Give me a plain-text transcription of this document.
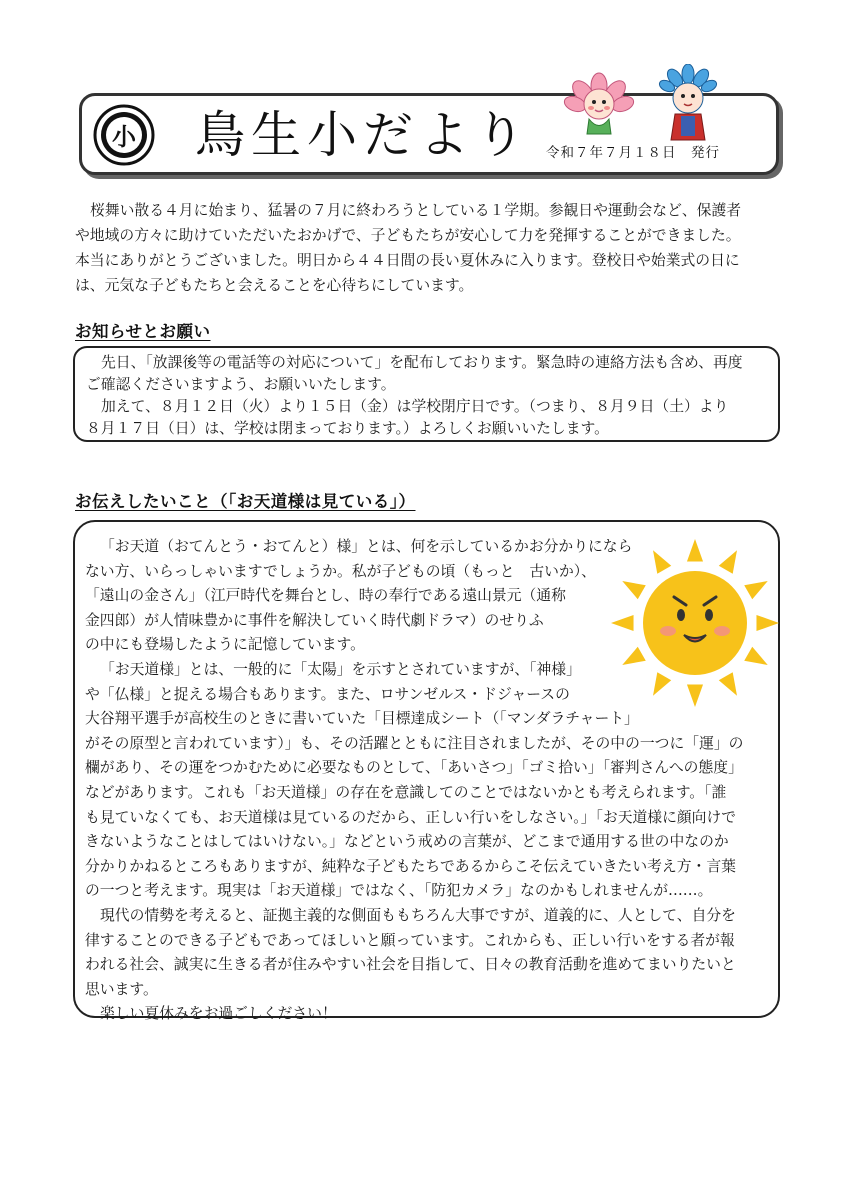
小 鳥生小だより 令和７年７月１８日　発行
桜舞い散る４月に始まり、猛暑の７月に終わろうとしている１学期。参観日や運動会など、保護者
や地域の方々に助けていただいたおかげで、子どもたちが安心して力を発揮することができました。
本当にありがとうございました。明日から４４日間の長い夏休みに入ります。登校日や始業式の日に
は、元気な子どもたちと会えることを心待ちにしています。
お知らせとお願い
先日、「放課後等の電話等の対応について」を配布しております。緊急時の連絡方法も含め、再度
ご確認くださいますよう、お願いいたします。
加えて、８月１２日（火）より１５日（金）は学校閉庁日です。（つまり、８月９日（土）より
８月１７日（日）は、学校は閉まっております。）よろしくお願いいたします。
お伝えしたいこと（「お天道様は見ている」）
「お天道（おてんとう・おてんと）様」とは、何を示しているかお分かりになら
ない方、いらっしゃいますでしょうか。私が子どもの頃（もっと　古いか）、
「遠山の金さん」（江戸時代を舞台とし、時の奉行である遠山景元（通称
金四郎）が人情味豊かに事件を解決していく時代劇ドラマ）のせりふ
の中にも登場したように記憶しています。
「お天道様」とは、一般的に「太陽」を示すとされていますが、「神様」
や「仏様」と捉える場合もあります。また、ロサンゼルス・ドジャースの
大谷翔平選手が高校生のときに書いていた「目標達成シート（「マンダラチャート」
がその原型と言われています）」も、その活躍とともに注目されましたが、その中の一つに「運」の
欄があり、その運をつかむために必要なものとして、「あいさつ」「ゴミ拾い」「審判さんへの態度」
などがあります。これも「お天道様」の存在を意識してのことではないかとも考えられます。「誰
も見ていなくても、お天道様は見ているのだから、正しい行いをしなさい。」「お天道様に顔向けで
きないようなことはしてはいけない。」などという戒めの言葉が、どこまで通用する世の中なのか
分かりかねるところもありますが、純粋な子どもたちであるからこそ伝えていきたい考え方・言葉
の一つと考えます。現実は「お天道様」ではなく、「防犯カメラ」なのかもしれませんが……。
現代の情勢を考えると、証拠主義的な側面ももちろん大事ですが、道義的に、人として、自分を
律することのできる子どもであってほしいと願っています。これからも、正しい行いをする者が報
われる社会、誠実に生きる者が住みやすい社会を目指して、日々の教育活動を進めてまいりたいと
思います。
楽しい夏休みをお過ごしください！
